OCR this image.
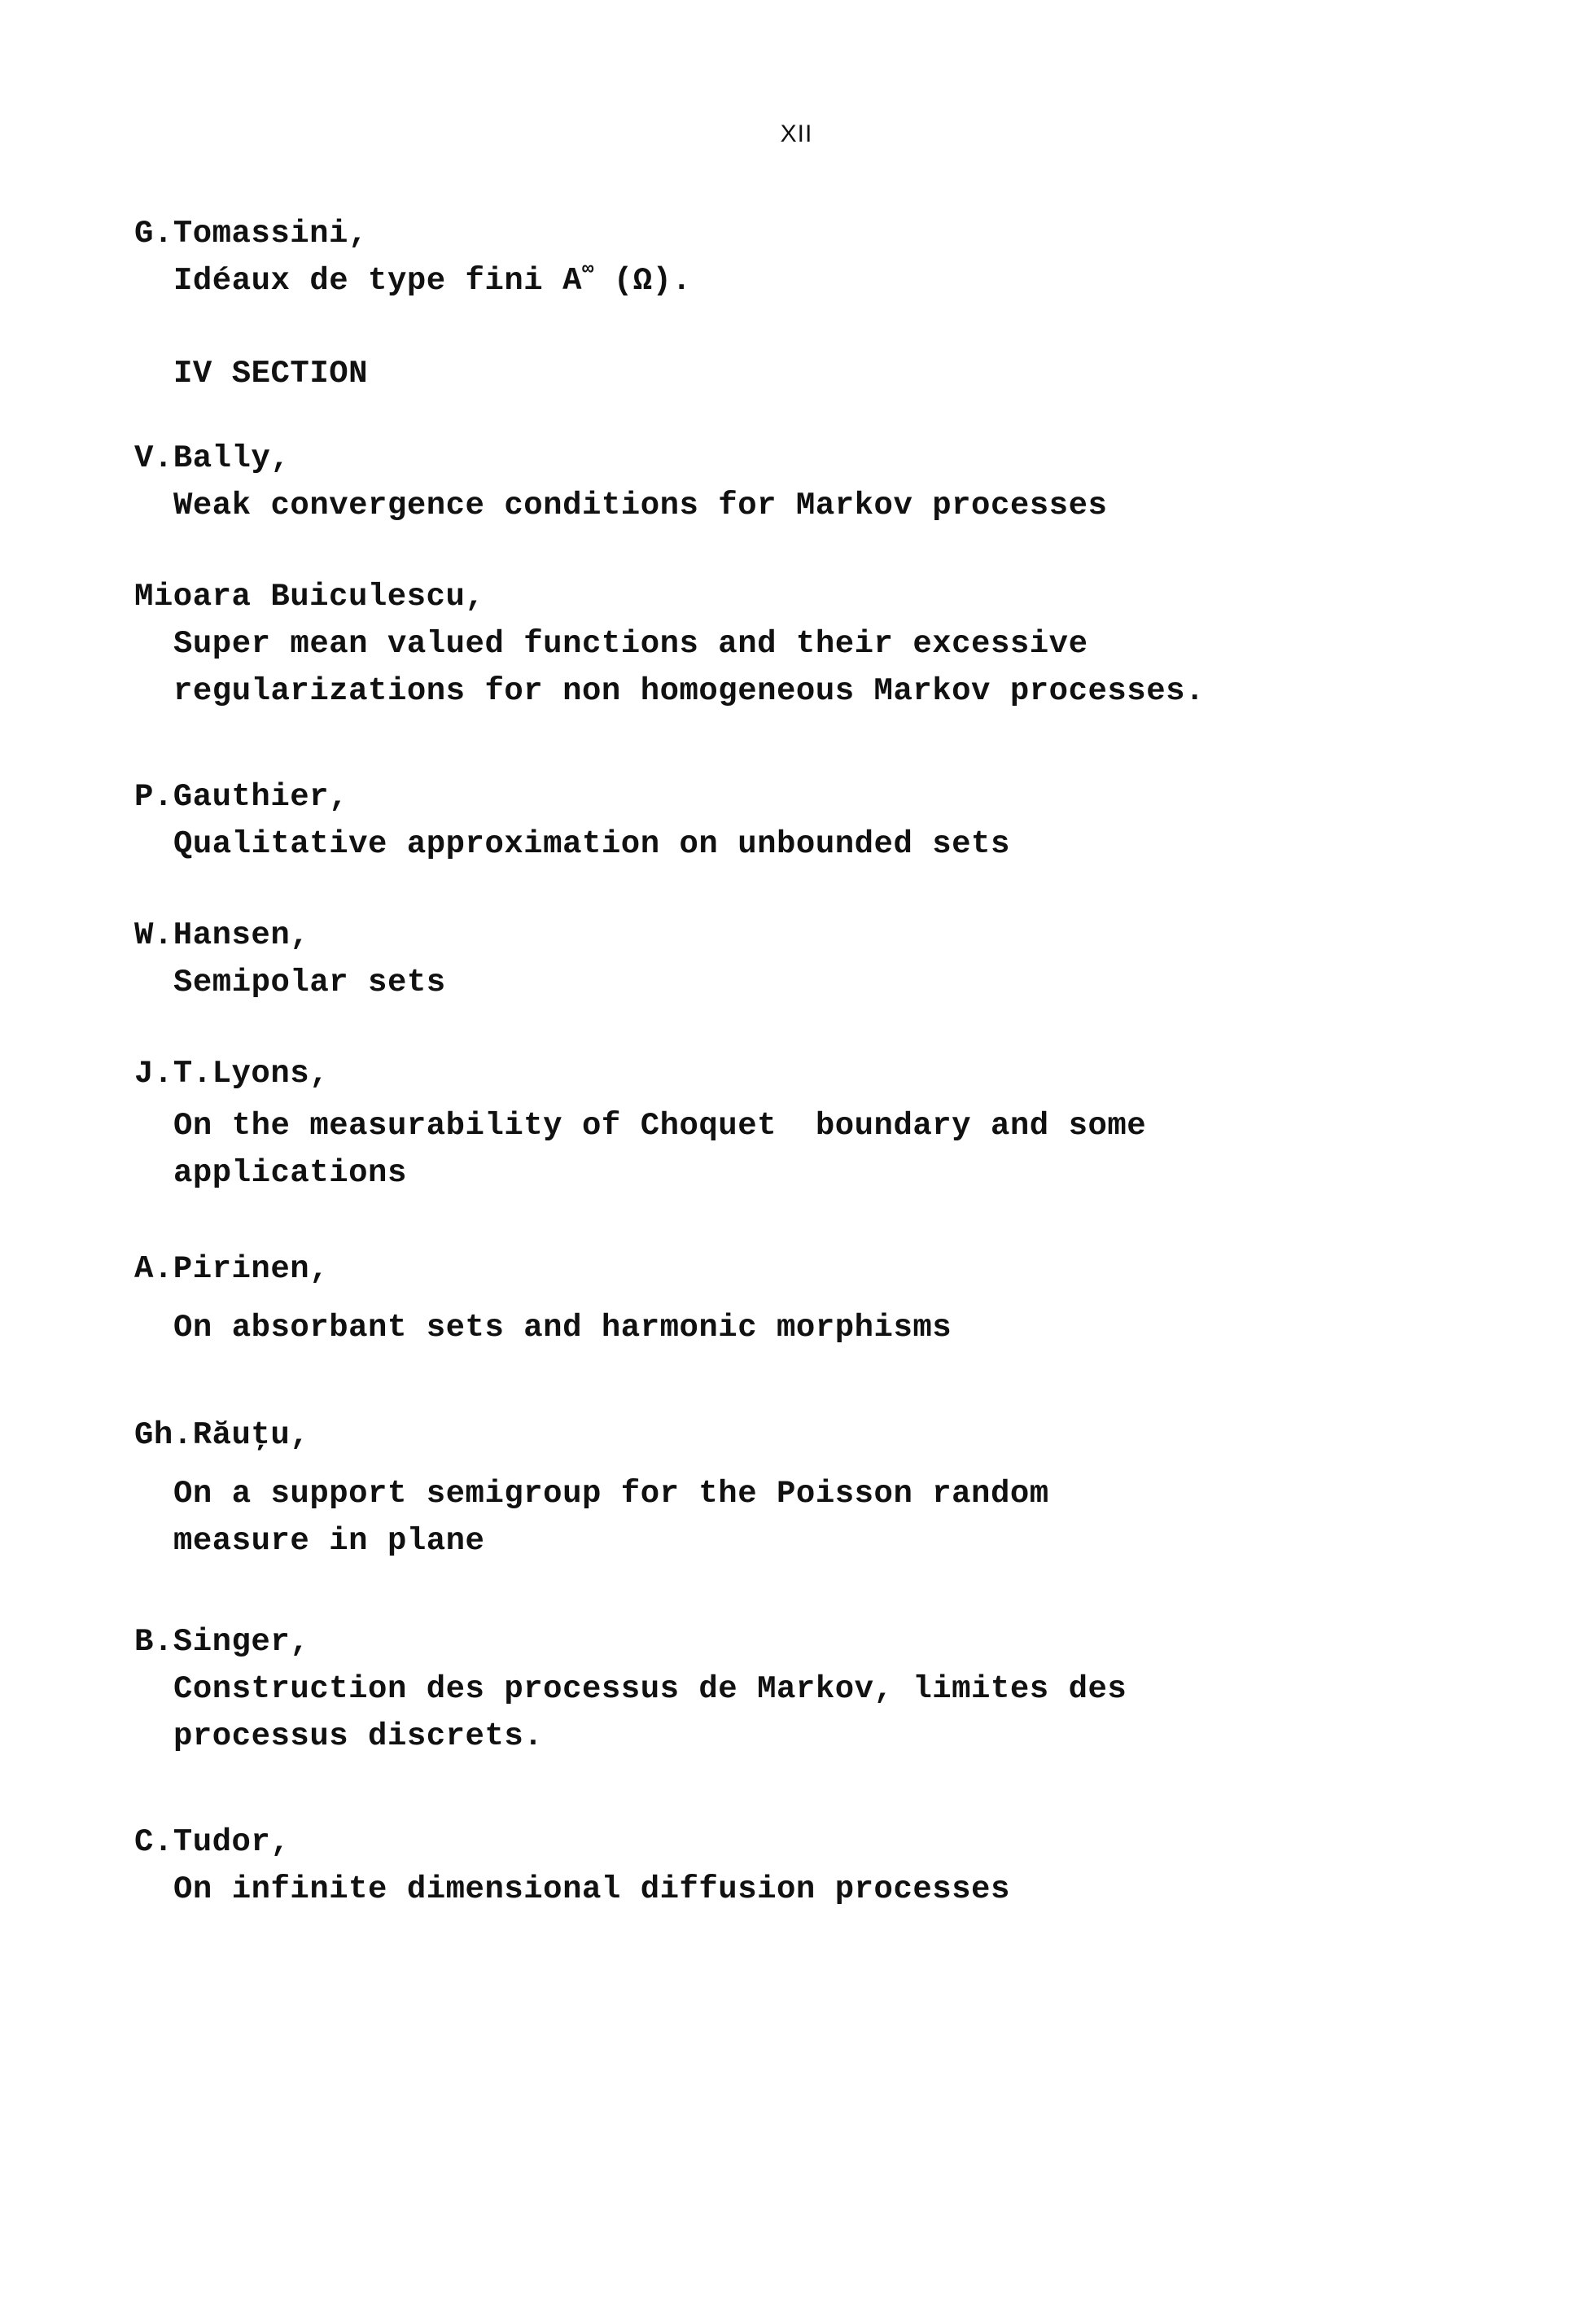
XII
G.Tomassini,
Idéaux de type fini A∞ (Ω).
IV SECTION
V.Bally,
Weak convergence conditions for Markov processes
Mioara Buiculescu,
Super mean valued functions and their excessive
regularizations for non homogeneous Markov processes.
P.Gauthier,
Qualitative approximation on unbounded sets
W.Hansen,
Semipolar sets
J.T.Lyons,
On the measurability of Choquet  boundary and some
applications
A.Pirinen,
On absorbant sets and harmonic morphisms
Gh.Răuţu,
On a support semigroup for the Poisson random
measure in plane
B.Singer,
Construction des processus de Markov, limites des
processus discrets.
C.Tudor,
On infinite dimensional diffusion processes
